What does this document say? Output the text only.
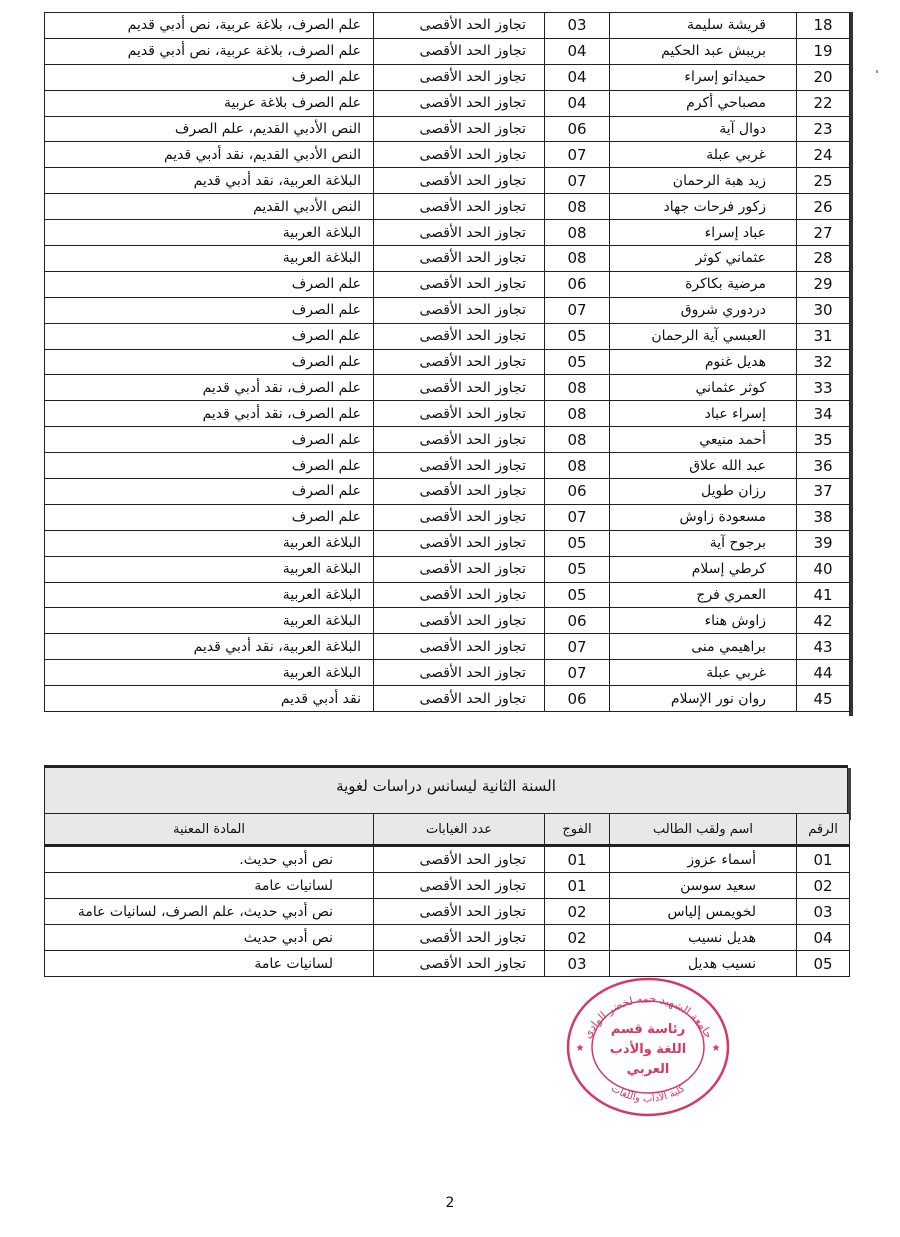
18	قريشة سليمة	03	تجاوز الحد الأقصى	علم الصرف، بلاغة عربية، نص أدبي قديم
19	بريبش عبد الحكيم	04	تجاوز الحد الأقصى	علم الصرف، بلاغة عربية، نص أدبي قديم
20	حميداتو إسراء	04	تجاوز الحد الأقصى	علم الصرف
22	مصباحي أكرم	04	تجاوز الحد الأقصى	علم الصرف بلاغة عربية
23	دوال آية	06	تجاوز الحد الأقصى	النص الأدبي القديم، علم الصرف
24	غربي عبلة	07	تجاوز الحد الأقصى	النص الأدبي القديم، نقد أدبي قديم
25	زيد هبة الرحمان	07	تجاوز الحد الأقصى	البلاغة العربية، نقد أدبي قديم
26	زكور فرحات جهاد	08	تجاوز الحد الأقصى	النص الأدبي القديم
27	عباد إسراء	08	تجاوز الحد الأقصى	البلاغة العربية
28	عثماني كوثر	08	تجاوز الحد الأقصى	البلاغة العربية
29	مرضية بكاكرة	06	تجاوز الحد الأقصى	علم الصرف
30	دردوري شروق	07	تجاوز الحد الأقصى	علم الصرف
31	العبسي آية الرحمان	05	تجاوز الحد الأقصى	علم الصرف
32	هديل غنوم	05	تجاوز الحد الأقصى	علم الصرف
33	كوثر عثماني	08	تجاوز الحد الأقصى	علم الصرف، نقد أدبي قديم
34	إسراء عباد	08	تجاوز الحد الأقصى	علم الصرف، نقد أدبي قديم
35	أحمد منيعي	08	تجاوز الحد الأقصى	علم الصرف
36	عبد الله علاق	08	تجاوز الحد الأقصى	علم الصرف
37	رزان طويل	06	تجاوز الحد الأقصى	علم الصرف
38	مسعودة زاوش	07	تجاوز الحد الأقصى	علم الصرف
39	برجوح آية	05	تجاوز الحد الأقصى	البلاغة العربية
40	كرطي إسلام	05	تجاوز الحد الأقصى	البلاغة العربية
41	العمري فرج	05	تجاوز الحد الأقصى	البلاغة العربية
42	زاوش هناء	06	تجاوز الحد الأقصى	البلاغة العربية
43	براهيمي منى	07	تجاوز الحد الأقصى	البلاغة العربية، نقد أدبي قديم
44	غربي عبلة	07	تجاوز الحد الأقصى	البلاغة العربية
45	روان نور الإسلام	06	تجاوز الحد الأقصى	نقد أدبي قديم

السنة الثانية ليسانس دراسات لغوية
الرقم	اسم ولقب الطالب	الفوج	عدد الغيابات	المادة المعنية
01	أسماء عزوز	01	تجاوز الحد الأقصى	نص أدبي حديث.
02	سعيد سوسن	01	تجاوز الحد الأقصى	لسانيات عامة
03	لخويمس إلياس	02	تجاوز الحد الأقصى	نص أدبي حديث، علم الصرف، لسانيات عامة
04	هديل نسيب	02	تجاوز الحد الأقصى	نص أدبي حديث
05	نسيب هديل	03	تجاوز الحد الأقصى	لسانيات عامة
جامعة الشهيد حمه لخضر الوادي
كلية الآداب واللغات
رئاسة قسم
اللغة والأدب
العربي
★	★
2
